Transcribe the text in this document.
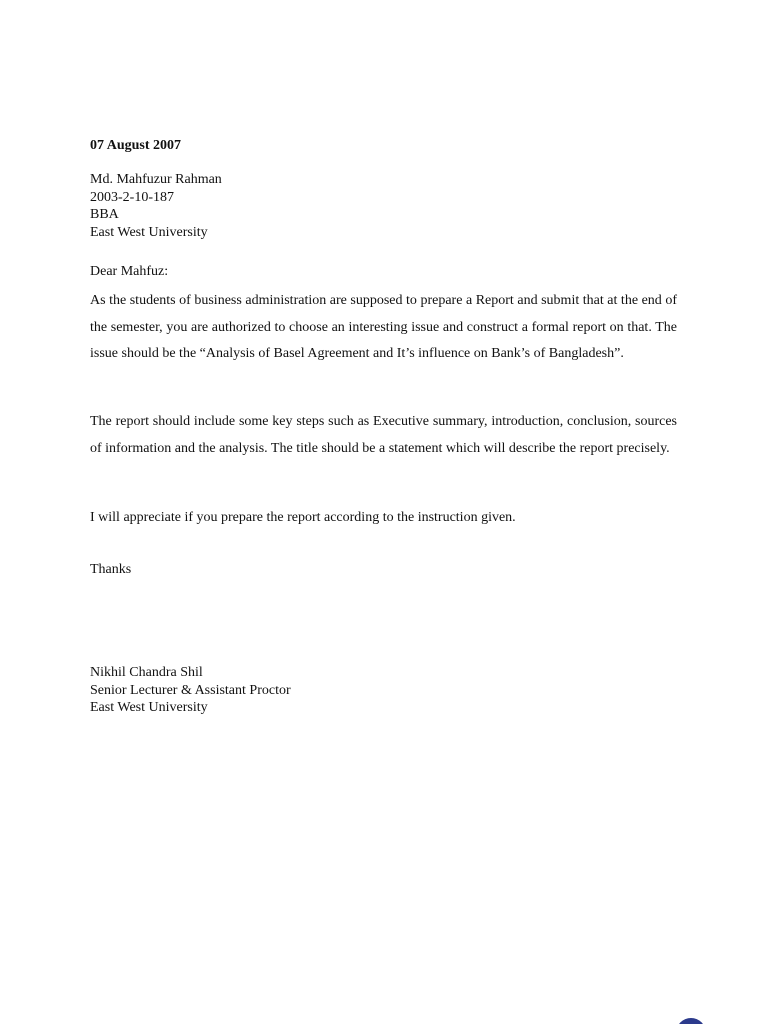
07 August 2007
Md. Mahfuzur Rahman
2003-2-10-187
BBA
East West University
Dear Mahfuz:

As the students of business administration are supposed to prepare a Report and submit that at the end of the semester, you are authorized to choose an interesting issue and construct a formal report on that. The issue should be the “Analysis of Basel Agreement and It’s influence on Bank’s of Bangladesh”.

The report should include some key steps such as Executive summary, introduction, conclusion, sources of information and the analysis. The title should be a statement which will describe the report precisely.

I will appreciate if you prepare the report according to the instruction given.

Thanks
Nikhil Chandra Shil
Senior Lecturer & Assistant Proctor
East West University
